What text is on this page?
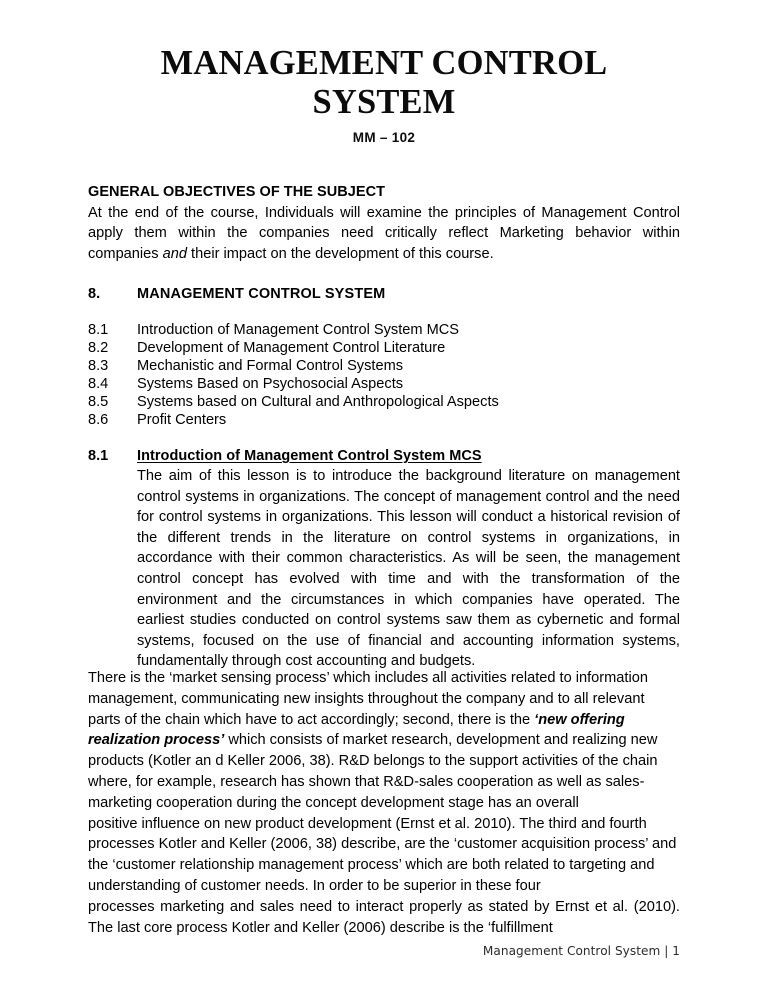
MANAGEMENT CONTROL SYSTEM
MM – 102
GENERAL OBJECTIVES OF THE SUBJECT

At the end of the course, Individuals will examine the principles of Management Control apply them within the companies need critically reflect Marketing behavior within companies and their impact on the development of this course.

8.	MANAGEMENT CONTROL SYSTEM
8.1	Introduction of Management Control System MCS
8.2	Development of Management Control Literature
8.3	Mechanistic and Formal Control Systems
8.4	Systems Based on Psychosocial Aspects
8.5	Systems based on Cultural and Anthropological Aspects
8.6	Profit Centers
8.1	Introduction of Management Control System MCS

The aim of this lesson is to introduce the background literature on management control systems in organizations. The concept of management control and the need for control systems in organizations. This lesson will conduct a historical revision of the different trends in the literature on control systems in organizations, in accordance with their common characteristics. As will be seen, the management control concept has evolved with time and with the transformation of the environment and the circumstances in which companies have operated. The earliest studies conducted on control systems saw them as cybernetic and formal systems, focused on the use of financial and accounting information systems, fundamentally through cost accounting and budgets.

There is the ‘market sensing process’ which includes all activities related to information management, communicating new insights throughout the company and to all relevant parts of the chain which have to act accordingly; second, there is the ‘new offering realization process’ which consists of market research, development and realizing new products (Kotler an d Keller 2006, 38). R&D belongs to the support activities of the chain where, for example, research has shown that R&D-sales cooperation as well as sales-marketing cooperation during the concept development stage has an overall

positive influence on new product development (Ernst et al. 2010). The third and fourth processes Kotler and Keller (2006, 38) describe, are the ‘customer acquisition process’ and the ‘customer relationship management process’ which are both related to targeting and understanding of customer needs. In order to be superior in these four

processes marketing and sales need to interact properly as stated by Ernst et al. (2010). The last core process Kotler and Keller (2006) describe is the ‘fulfillment

Management Control System | 1
